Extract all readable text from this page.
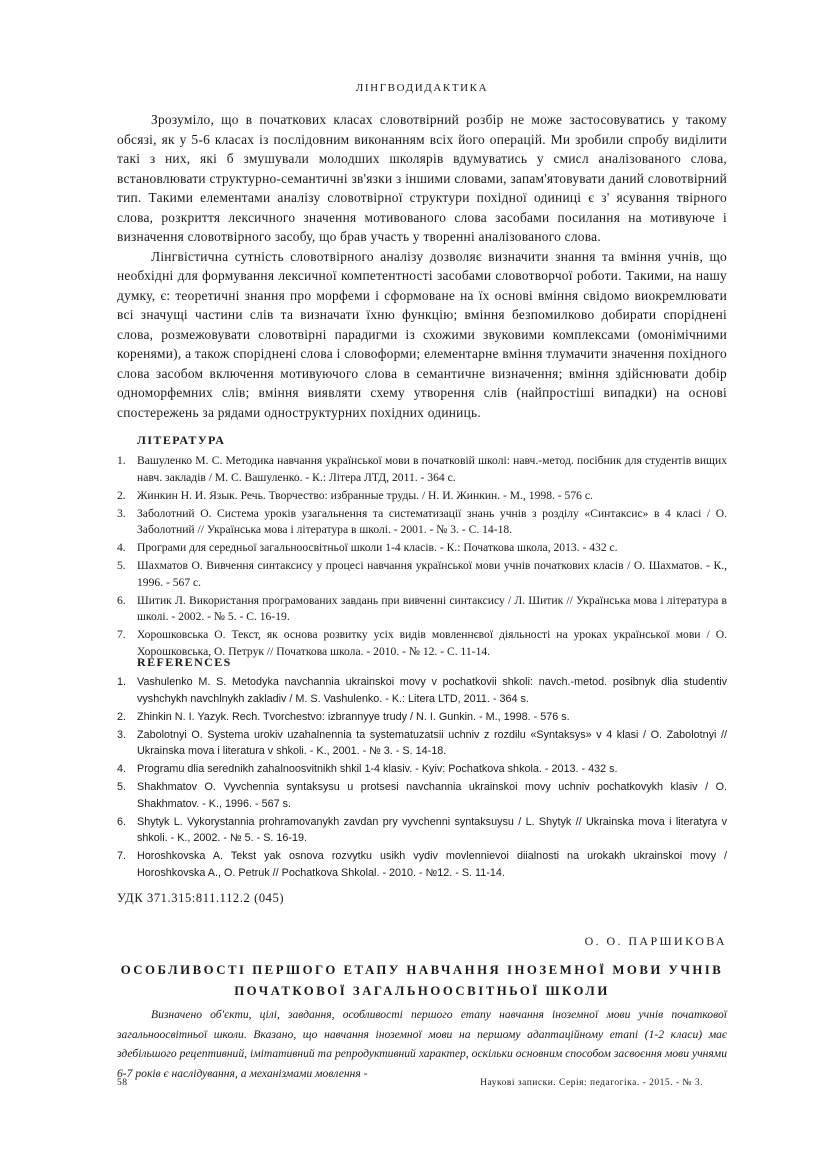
ЛІНГВОДИДАКТИКА

Зрозуміло, що в початкових класах словотвірний розбір не може застосовуватись у такому обсязі, як у 5-6 класах із послідовним виконанням всіх його операцій. Ми зробили спробу виділити такі з них, які б змушували молодших школярів вдумуватись у смисл аналізованого слова, встановлювати структурно-семантичні зв'язки з іншими словами, запам'ятовувати даний словотвірний тип. Такими елементами аналізу словотвірної структури похідної одиниці є з' ясування твірного слова, розкриття лексичного значення мотивованого слова засобами посилання на мотивуюче і визначення словотвірного засобу, що брав участь у творенні аналізованого слова.

Лінгвістична сутність словотвірного аналізу дозволяє визначити знання та вміння учнів, що необхідні для формування лексичної компетентності засобами словотворчої роботи. Такими, на нашу думку, є: теоретичні знання про морфеми і сформоване на їх основі вміння свідомо виокремлювати всі значущі частини слів та визначати їхню функцію; вміння безпомилково добирати споріднені слова, розмежовувати словотвірні парадигми із схожими звуковими комплексами (омонімічними коренями), а також споріднені слова і словоформи; елементарне вміння тлумачити значення похідного слова засобом включення мотивуючого слова в семантичне визначення; вміння здійснювати добір одноморфемних слів; вміння виявляти схему утворення слів (найпростіші випадки) на основі спостережень за рядами одноструктурних похідних одиниць.

ЛІТЕРАТУРА
1. Вашуленко М. С. Методика навчання української мови в початковій школі: навч.-метод. посібник для студентів вищих навч. закладів / М. С. Вашуленко. - К.: Літера ЛТД, 2011. - 364 с.
2. Жинкин Н. И. Язык. Речь. Творчество: избранные труды. / Н. И. Жинкин. - М., 1998. - 576 с.
3. Заболотний О. Система уроків узагальнення та систематизації знань учнів з розділу «Синтаксис» в 4 класі / О. Заболотний // Українська мова і література в школі. - 2001. - № 3. - С. 14-18.
4. Програми для середньої загальноосвітньої школи 1-4 класів. - К.: Початкова школа, 2013. - 432 с.
5. Шахматов О. Вивчення синтаксису у процесі навчання української мови учнів початкових класів / О. Шахматов. - К., 1996. - 567 с.
6. Шитик Л. Використання програмованих завдань при вивченні синтаксису / Л. Шитик // Українська мова і література в школі. - 2002. - № 5. - С. 16-19.
7. Хорошковська О. Текст, як основа розвитку усіх видів мовленнєвої діяльності на уроках української мови / О. Хорошковська, О. Петрук // Початкова школа. - 2010. - № 12. - С. 11-14.
REFERENCES
1. Vashulenko M. S. Metodyka navchannia ukrainskoi movy v pochatkovii shkoli: navch.-metod. posibnyk dlia studentiv vyshchykh navchlnykh zakladiv / M. S. Vashulenko. - K.: Litera LTD, 2011. - 364 s.
2. Zhinkin N. I. Yazyk. Rech. Tvorchestvo: izbrannyye trudy / N. I. Gunkin. - M., 1998. - 576 s.
3. Zabolotnyi O. Systema urokiv uzahalnennia ta systematuzatsii uchniv z rozdilu «Syntaksys» v 4 klasi / O. Zabolotnyi // Ukrainska mova i literatura v shkoli. - K., 2001. - № 3. - S. 14-18.
4. Programu dlia serednikh zahalnoosvitnikh shkil 1-4 klasiv. - Kyiv: Pochatkova shkola. - 2013. - 432 s.
5. Shakhmatov O. Vyvchennia syntaksysu u protsesi navchannia ukrainskoi movy uchniv pochatkovykh klasiv / O. Shakhmatov. - K., 1996. - 567 s.
6. Shytyk L. Vykorystannia prohramovanykh zavdan pry vyvchenni syntaksuysu / L. Shytyk // Ukrainska mova i literatyra v shkoli. - K., 2002. - № 5. - S. 16-19.
7. Horoshkovska A. Tekst yak osnova rozvytku usikh vydiv movlennievoi diialnosti na urokakh ukrainskoi movy / Horoshkovska A., O. Petruk // Pochatkova Shkolal. - 2010. - №12. - S. 11-14.
УДК 371.315:811.112.2 (045)
О. О. ПАРШИКОВА
ОСОБЛИВОСТІ ПЕРШОГО ЕТАПУ НАВЧАННЯ ІНОЗЕМНОЇ МОВИ УЧНІВ
ПОЧАТКОВОЇ ЗАГАЛЬНООСВІТНЬОЇ ШКОЛИ

Визначено об'єкти, цілі, завдання, особливості першого етапу навчання іноземної мови учнів початкової загальноосвітньої школи. Вказано, що навчання іноземної мови на першому адаптаційному етапі (1-2 класи) має здебільшого рецептивний, імітативний та репродуктивний характер, оскільки основним способом засвоєння мови учнями 6-7 років є наслідування, а механізмами мовлення -

58	Наукові записки. Серія: педагогіка. - 2015. - № 3.
